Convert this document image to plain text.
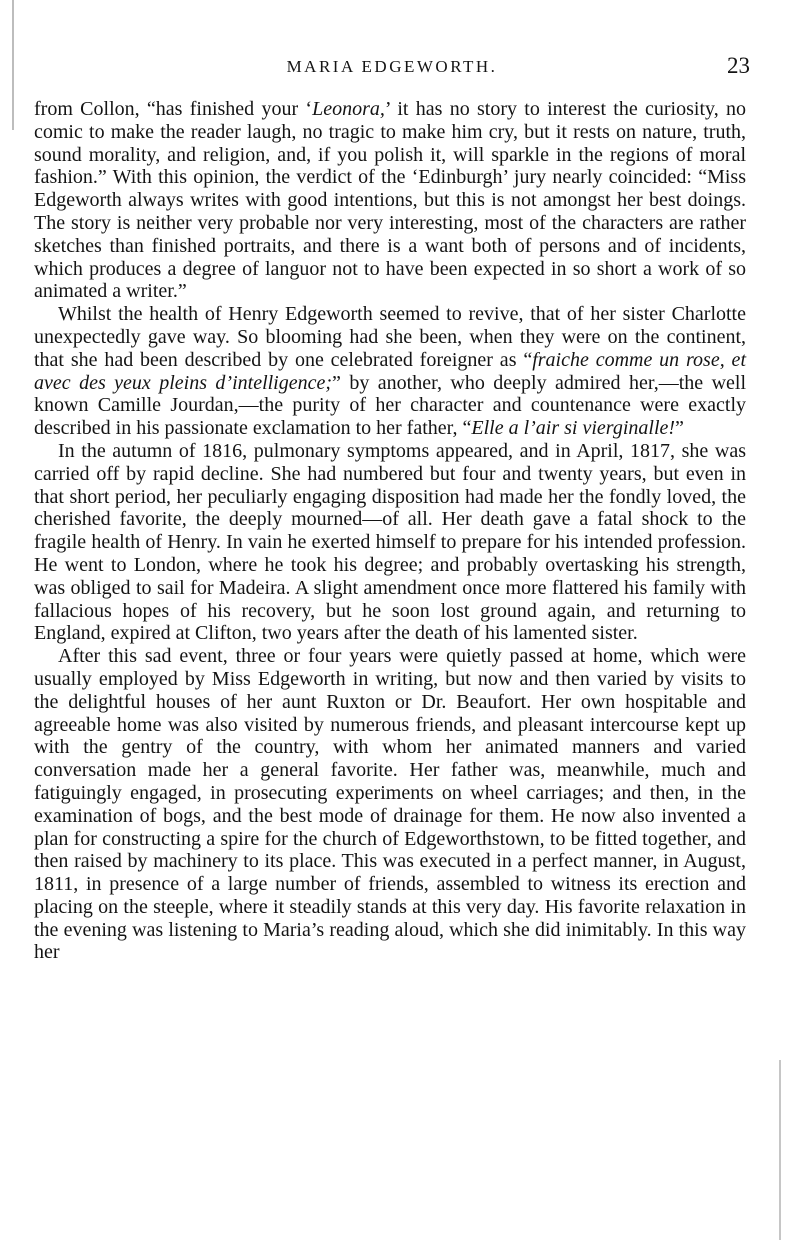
MARIA EDGEWORTH.	23

from Collon, “has finished your ‘Leonora,’ it has no story to interest the curiosity, no comic to make the reader laugh, no tragic to make him cry, but it rests on nature, truth, sound morality, and religion, and, if you polish it, will sparkle in the regions of moral fashion.” With this opinion, the verdict of the ‘Edinburgh’ jury nearly coincided: “Miss Edgeworth always writes with good intentions, but this is not amongst her best doings. The story is neither very probable nor very interesting, most of the characters are rather sketches than finished portraits, and there is a want both of persons and of incidents, which produces a degree of languor not to have been expected in so short a work of so animated a writer.”

Whilst the health of Henry Edgeworth seemed to revive, that of her sister Charlotte unexpectedly gave way. So blooming had she been, when they were on the continent, that she had been described by one celebrated foreigner as “fraiche comme un rose, et avec des yeux pleins d’intelligence;” by another, who deeply admired her,—the well known Camille Jourdan,—the purity of her character and countenance were exactly described in his passionate exclamation to her father, “Elle a l’air si vierginalle!”

In the autumn of 1816, pulmonary symptoms appeared, and in April, 1817, she was carried off by rapid decline. She had numbered but four and twenty years, but even in that short period, her peculiarly engaging disposition had made her the fondly loved, the cherished favorite, the deeply mourned—of all. Her death gave a fatal shock to the fragile health of Henry. In vain he exerted himself to prepare for his intended profession. He went to London, where he took his degree; and probably overtasking his strength, was obliged to sail for Madeira. A slight amendment once more flattered his family with fallacious hopes of his recovery, but he soon lost ground again, and returning to England, expired at Clifton, two years after the death of his lamented sister.

After this sad event, three or four years were quietly passed at home, which were usually employed by Miss Edgeworth in writing, but now and then varied by visits to the delightful houses of her aunt Ruxton or Dr. Beaufort. Her own hospitable and agreeable home was also visited by numerous friends, and pleasant intercourse kept up with the gentry of the country, with whom her animated manners and varied conversation made her a general favorite. Her father was, meanwhile, much and fatiguingly engaged, in prosecuting experiments on wheel carriages; and then, in the examination of bogs, and the best mode of drainage for them. He now also invented a plan for constructing a spire for the church of Edgeworthstown, to be fitted together, and then raised by machinery to its place. This was executed in a perfect manner, in August, 1811, in presence of a large number of friends, assembled to witness its erection and placing on the steeple, where it steadily stands at this very day. His favorite relaxation in the evening was listening to Maria’s reading aloud, which she did inimitably. In this way her
